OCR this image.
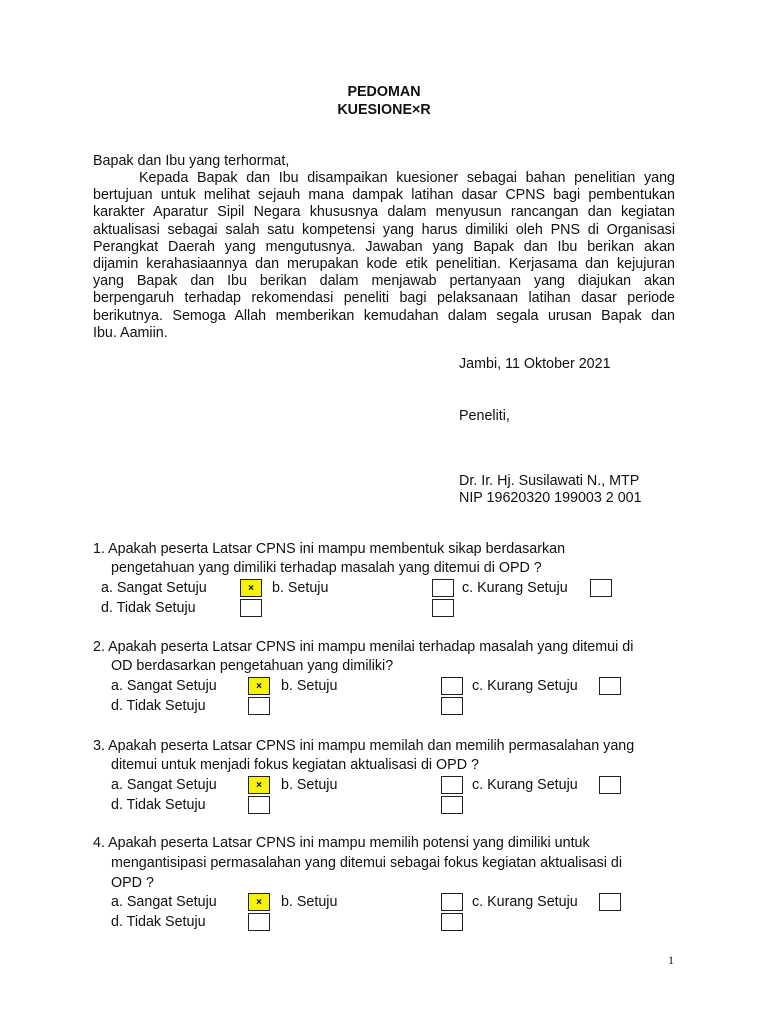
PEDOMAN
KUESIONE×R
Bapak dan Ibu yang terhormat,
Kepada Bapak dan Ibu disampaikan kuesioner sebagai bahan penelitian yang
bertujuan untuk melihat sejauh mana dampak latihan dasar CPNS bagi pembentukan
karakter Aparatur Sipil Negara khususnya dalam menyusun rancangan dan kegiatan
aktualisasi sebagai salah satu kompetensi yang harus dimiliki oleh PNS di Organisasi
Perangkat Daerah yang mengutusnya. Jawaban yang Bapak dan Ibu berikan akan
dijamin kerahasiaannya dan merupakan kode etik penelitian. Kerjasama dan kejujuran
yang Bapak dan Ibu berikan dalam menjawab pertanyaan yang diajukan akan
berpengaruh terhadap rekomendasi peneliti bagi pelaksanaan latihan dasar periode
berikutnya. Semoga Allah memberikan kemudahan dalam segala urusan Bapak dan
Ibu. Aamiin.
Jambi, 11 Oktober 2021
Peneliti,
Dr. Ir. Hj. Susilawati N., MTP
NIP 19620320 199003 2 001
1. Apakah peserta Latsar CPNS ini mampu membentuk sikap berdasarkan
pengetahuan yang dimiliki terhadap masalah yang ditemui di OPD ?
a. Sangat Setuju	×	b. Setuju	c. Kurang Setuju
d. Tidak Setuju
2. Apakah peserta Latsar CPNS ini mampu menilai terhadap masalah yang ditemui di
OD berdasarkan pengetahuan yang dimiliki?
a. Sangat Setuju	×	b. Setuju	c. Kurang Setuju
d. Tidak Setuju
3. Apakah peserta Latsar CPNS ini mampu memilah dan memilih permasalahan yang
ditemui untuk menjadi fokus kegiatan aktualisasi di OPD ?
a. Sangat Setuju	×	b. Setuju	c. Kurang Setuju
d. Tidak Setuju
4. Apakah peserta Latsar CPNS ini mampu memilih potensi yang dimiliki untuk
mengantisipasi permasalahan yang ditemui sebagai fokus kegiatan aktualisasi di
OPD ?
a. Sangat Setuju	×	b. Setuju	c. Kurang Setuju
d. Tidak Setuju
1
